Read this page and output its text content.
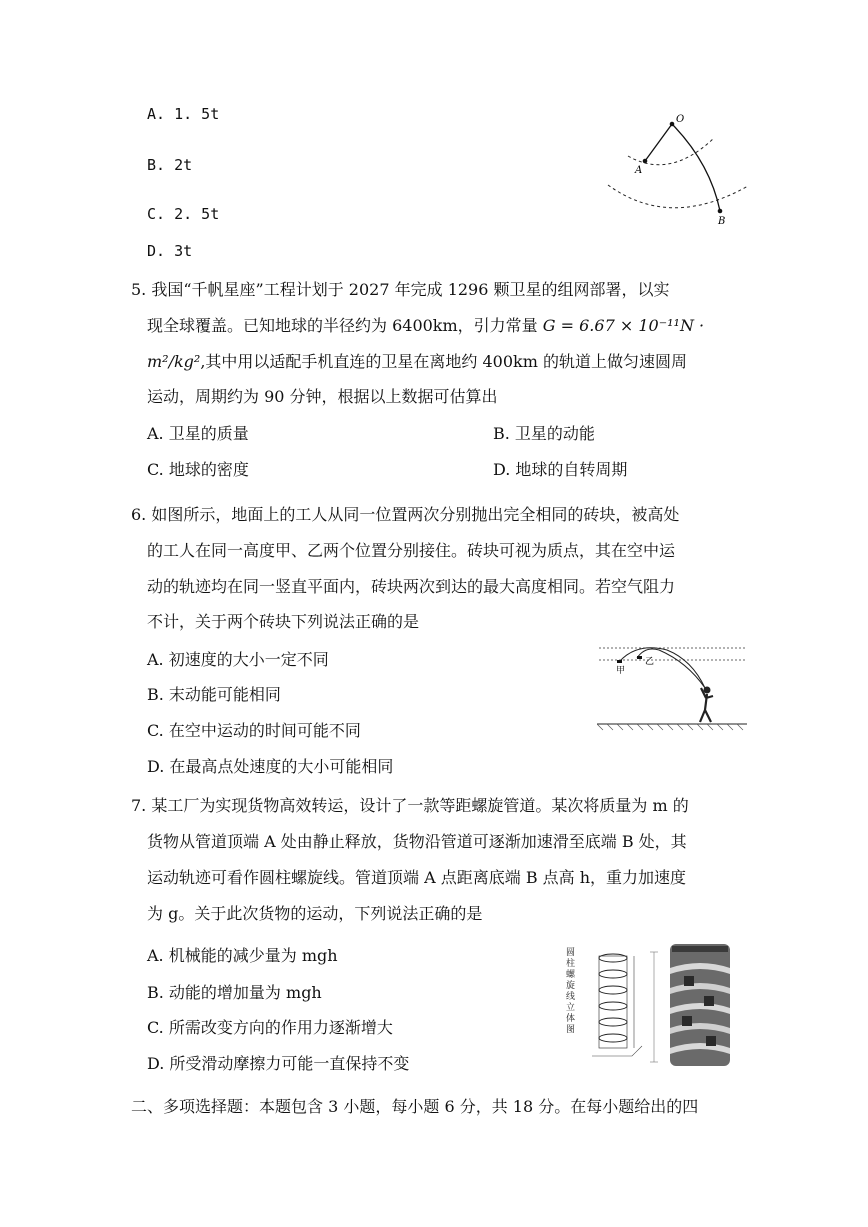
A. 1. 5t
B. 2t
C. 2. 5t
D. 3t
O
A
B
5. 我国“千帆星座”工程计划于 2027 年完成 1296 颗卫星的组网部署，以实
现全球覆盖。已知地球的半径约为 6400km，引力常量 G = 6.67 × 10⁻¹¹N ·
m²/kg²,其中用以适配手机直连的卫星在离地约 400km 的轨道上做匀速圆周
运动，周期约为 90 分钟，根据以上数据可估算出
A. 卫星的质量	B. 卫星的动能
C. 地球的密度	D. 地球的自转周期
6. 如图所示，地面上的工人从同一位置两次分别抛出完全相同的砖块，被高处
的工人在同一高度甲、乙两个位置分别接住。砖块可视为质点，其在空中运
动的轨迹均在同一竖直平面内，砖块两次到达的最大高度相同。若空气阻力
不计，关于两个砖块下列说法正确的是
A. 初速度的大小一定不同
B. 末动能可能相同
C. 在空中运动的时间可能不同
D. 在最高点处速度的大小可能相同
甲
乙
7. 某工厂为实现货物高效转运，设计了一款等距螺旋管道。某次将质量为 m 的
货物从管道顶端 A 处由静止释放，货物沿管道可逐渐加速滑至底端 B 处，其
运动轨迹可看作圆柱螺旋线。管道顶端 A 点距离底端 B 点高 h，重力加速度
为 g。关于此次货物的运动，下列说法正确的是
A. 机械能的减少量为 mgh
B. 动能的增加量为 mgh
C. 所需改变方向的作用力逐渐增大
D. 所受滑动摩擦力可能一直保持不变
圆柱螺旋线立体图
二、多项选择题：本题包含 3 小题，每小题 6 分，共 18 分。在每小题给出的四
